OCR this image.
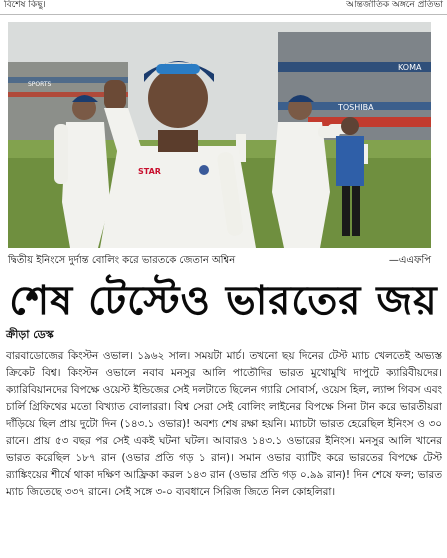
বিশেষ কিছু।	আন্তর্জাতিক অঙ্গনে প্রতিভা
TOSHIBA
KOMA
SPORTS
STAR
দ্বিতীয় ইনিংসে দুর্দান্ত বোলিং করে ভারতকে জেতান অশ্বিন	—এএফপি
শেষ টেস্টেও ভারতের জয়
ক্রীড়া ডেস্ক
বারবাডোজের কিংস্টন ওভাল। ১৯৬২ সাল। সময়টা মার্চ। তখনো ছয় দিনের টেস্ট ম্যাচ খেলতেই অভ্যস্ত ক্রিকেট বিশ্ব। কিংস্টন ওভালে নবাব মনসুর আলি পাতৌদির ভারত মুখোমুখি দাপুটে ক্যারিবীয়দের। ক্যারিবিয়ানদের বিপক্ষে ওয়েস্ট ইন্ডিজের সেই দলটাতে ছিলেন গ্যারি সোবার্স, ওয়েস হিল, ল্যান্স গিবস এবং চার্লি গ্রিফিথের মতো বিখ্যাত বোলাররা। বিশ্ব সেরা সেই বোলিং লাইনের বিপক্ষে সিনা টান করে ভারতীয়রা দাঁড়িয়ে ছিল প্রায় দুটো দিন (১৪৩.১ ওভার)! অবশ্য শেষ রক্ষা হয়নি। ম্যাচটা ভারত হেরেছিল ইনিংস ও ৩০ রানে। প্রায় ৫৩ বছর পর সেই একই ঘটনা ঘটল। আবারও ১৪৩.১ ওভারের ইনিংস। মনসুর আলি খানের ভারত করেছিল ১৮৭ রান (ওভার প্রতি গড় ১ রান)। সমান ওভার ব্যাটিং করে ভারতের বিপক্ষে টেস্ট র‍্যাঙ্কিংয়ের শীর্ষে থাকা দক্ষিণ আফ্রিকা করল ১৪৩ রান (ওভার প্রতি গড় ০.৯৯ রান)! দিন শেষে ফল; ভারত ম্যাচ জিতেছে ৩৩৭ রানে। সেই সঙ্গে ৩-০ ব্যবধানে সিরিজ জিতে নিল কোহলিরা।
